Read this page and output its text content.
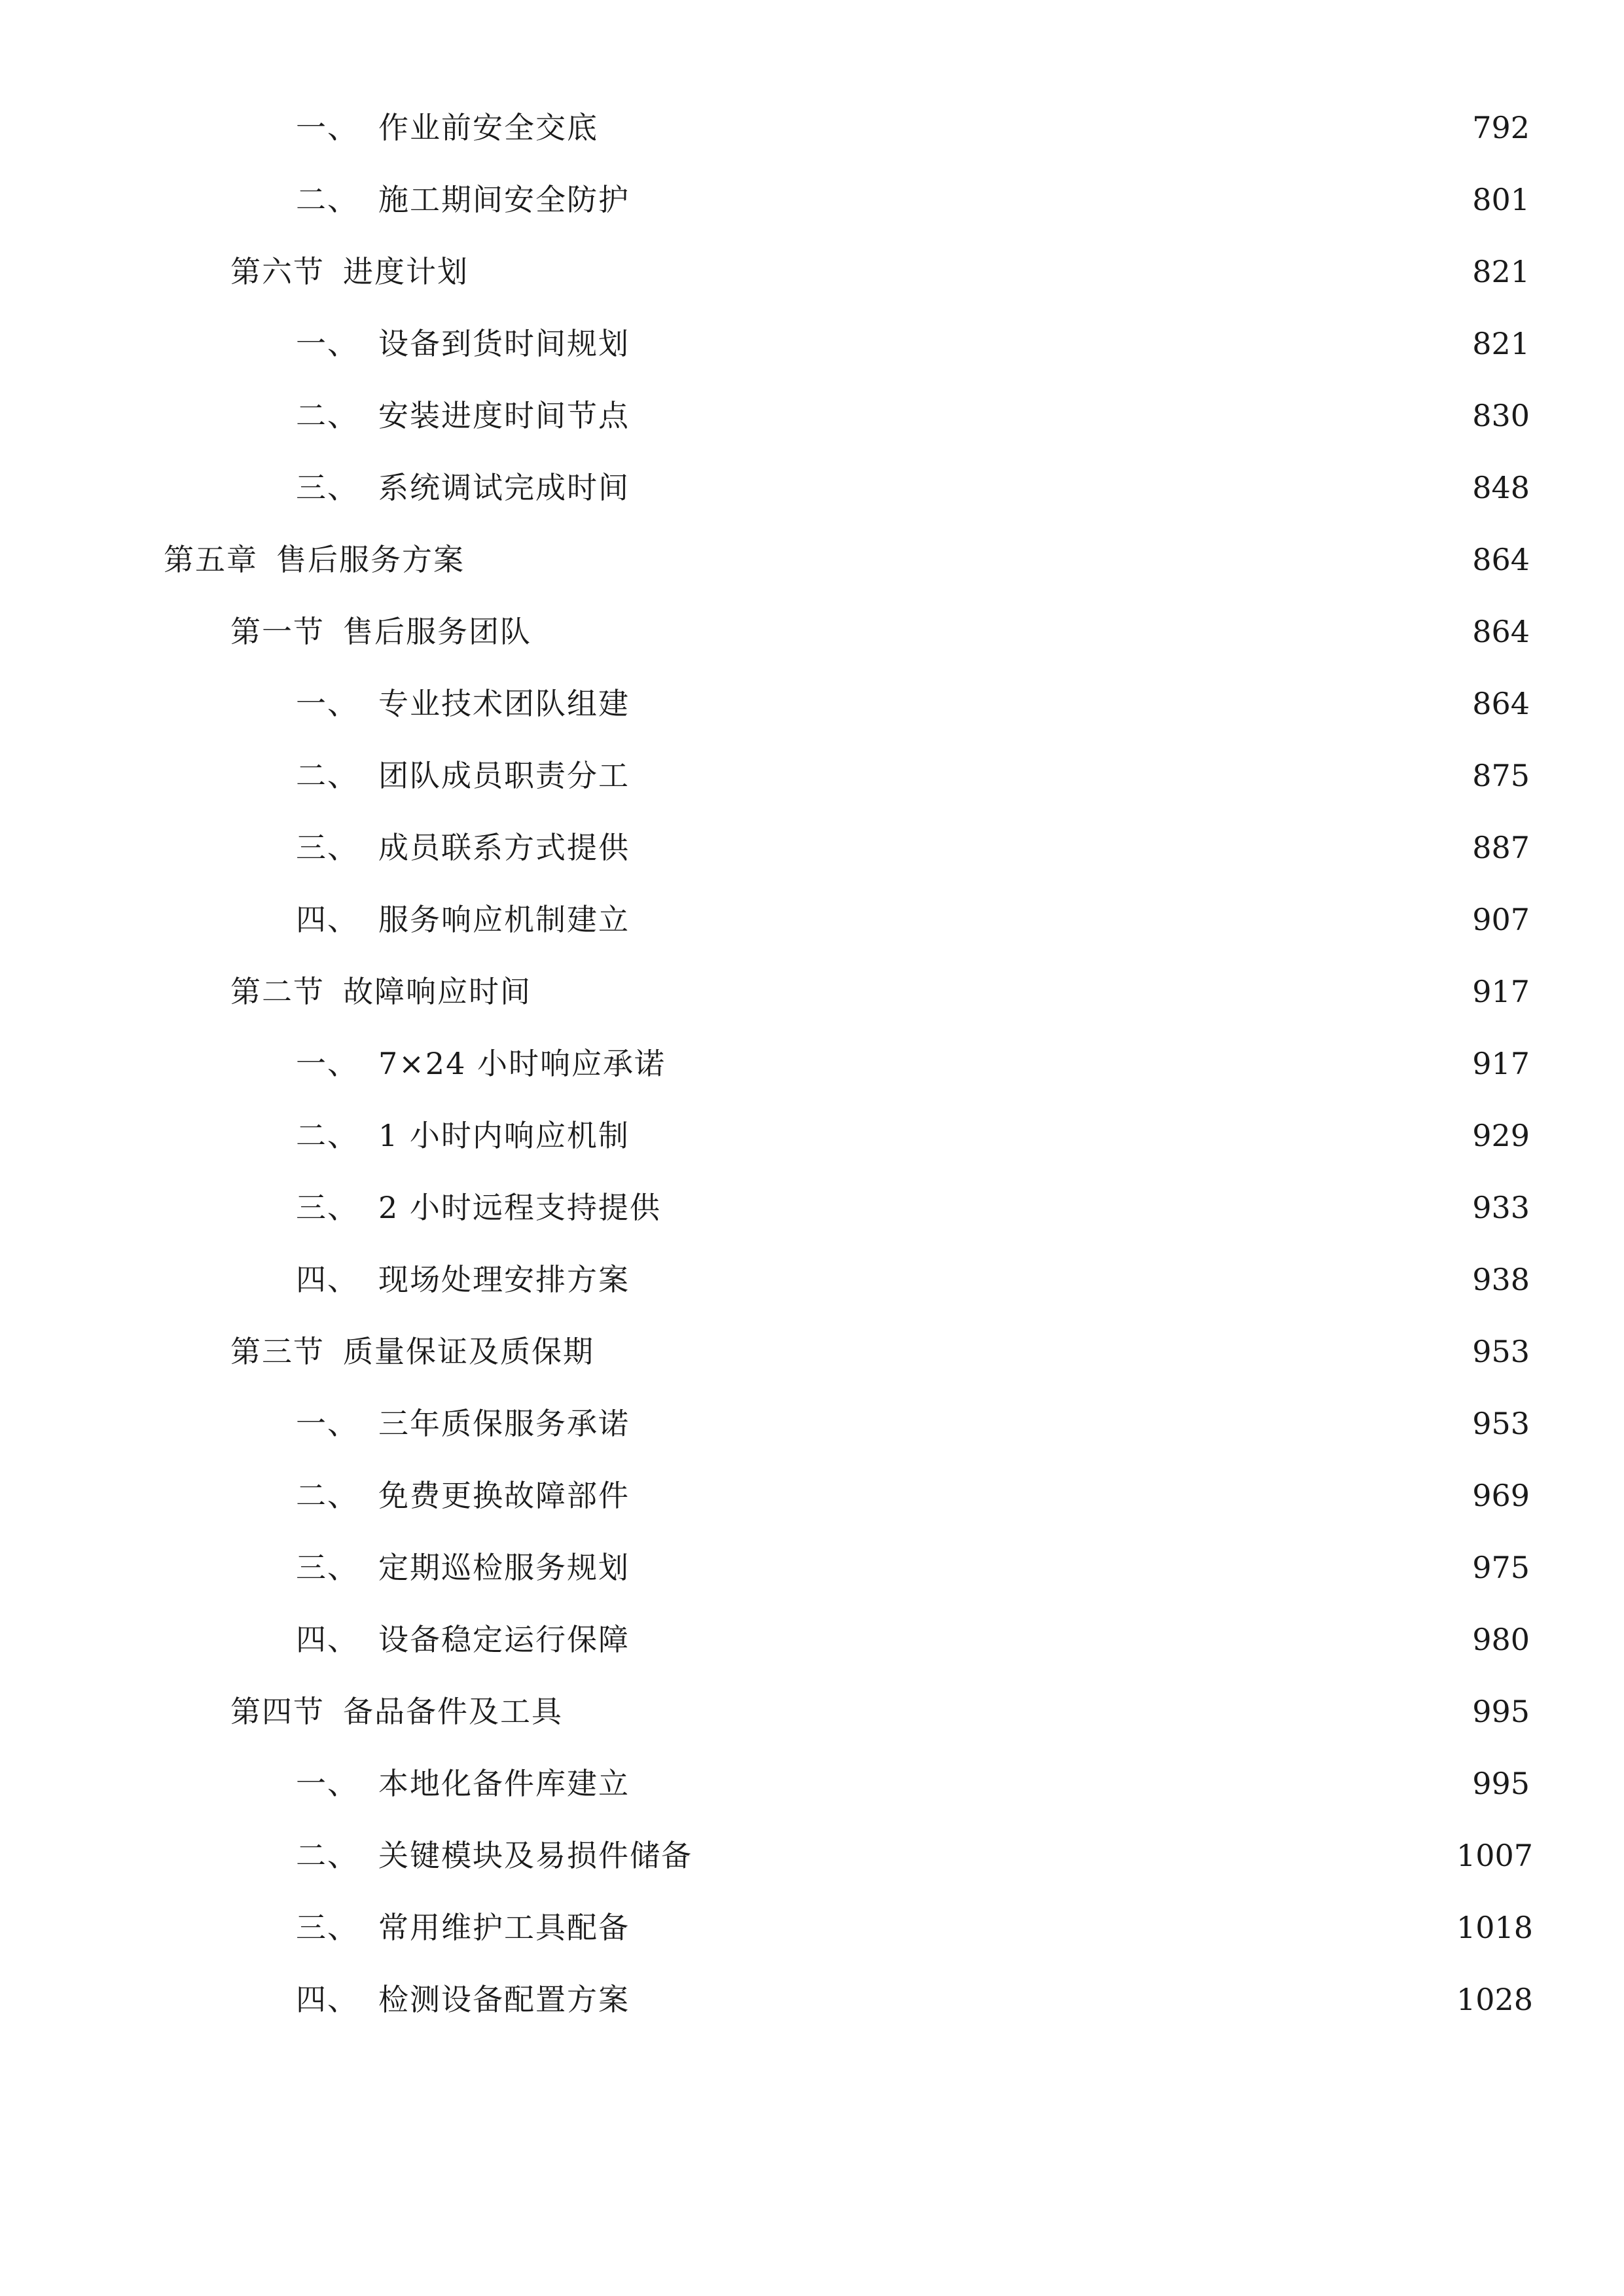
一、 作业前安全交底	792
二、 施工期间安全防护	801
第六节 进度计划	821
一、 设备到货时间规划	821
二、 安装进度时间节点	830
三、 系统调试完成时间	848
第五章 售后服务方案	864
第一节 售后服务团队	864
一、 专业技术团队组建	864
二、 团队成员职责分工	875
三、 成员联系方式提供	887
四、 服务响应机制建立	907
第二节 故障响应时间	917
一、 7×24 小时响应承诺	917
二、 1 小时内响应机制	929
三、 2 小时远程支持提供	933
四、 现场处理安排方案	938
第三节 质量保证及质保期	953
一、 三年质保服务承诺	953
二、 免费更换故障部件	969
三、 定期巡检服务规划	975
四、 设备稳定运行保障	980
第四节 备品备件及工具	995
一、 本地化备件库建立	995
二、 关键模块及易损件储备	1007
三、 常用维护工具配备	1018
四、 检测设备配置方案	1028
